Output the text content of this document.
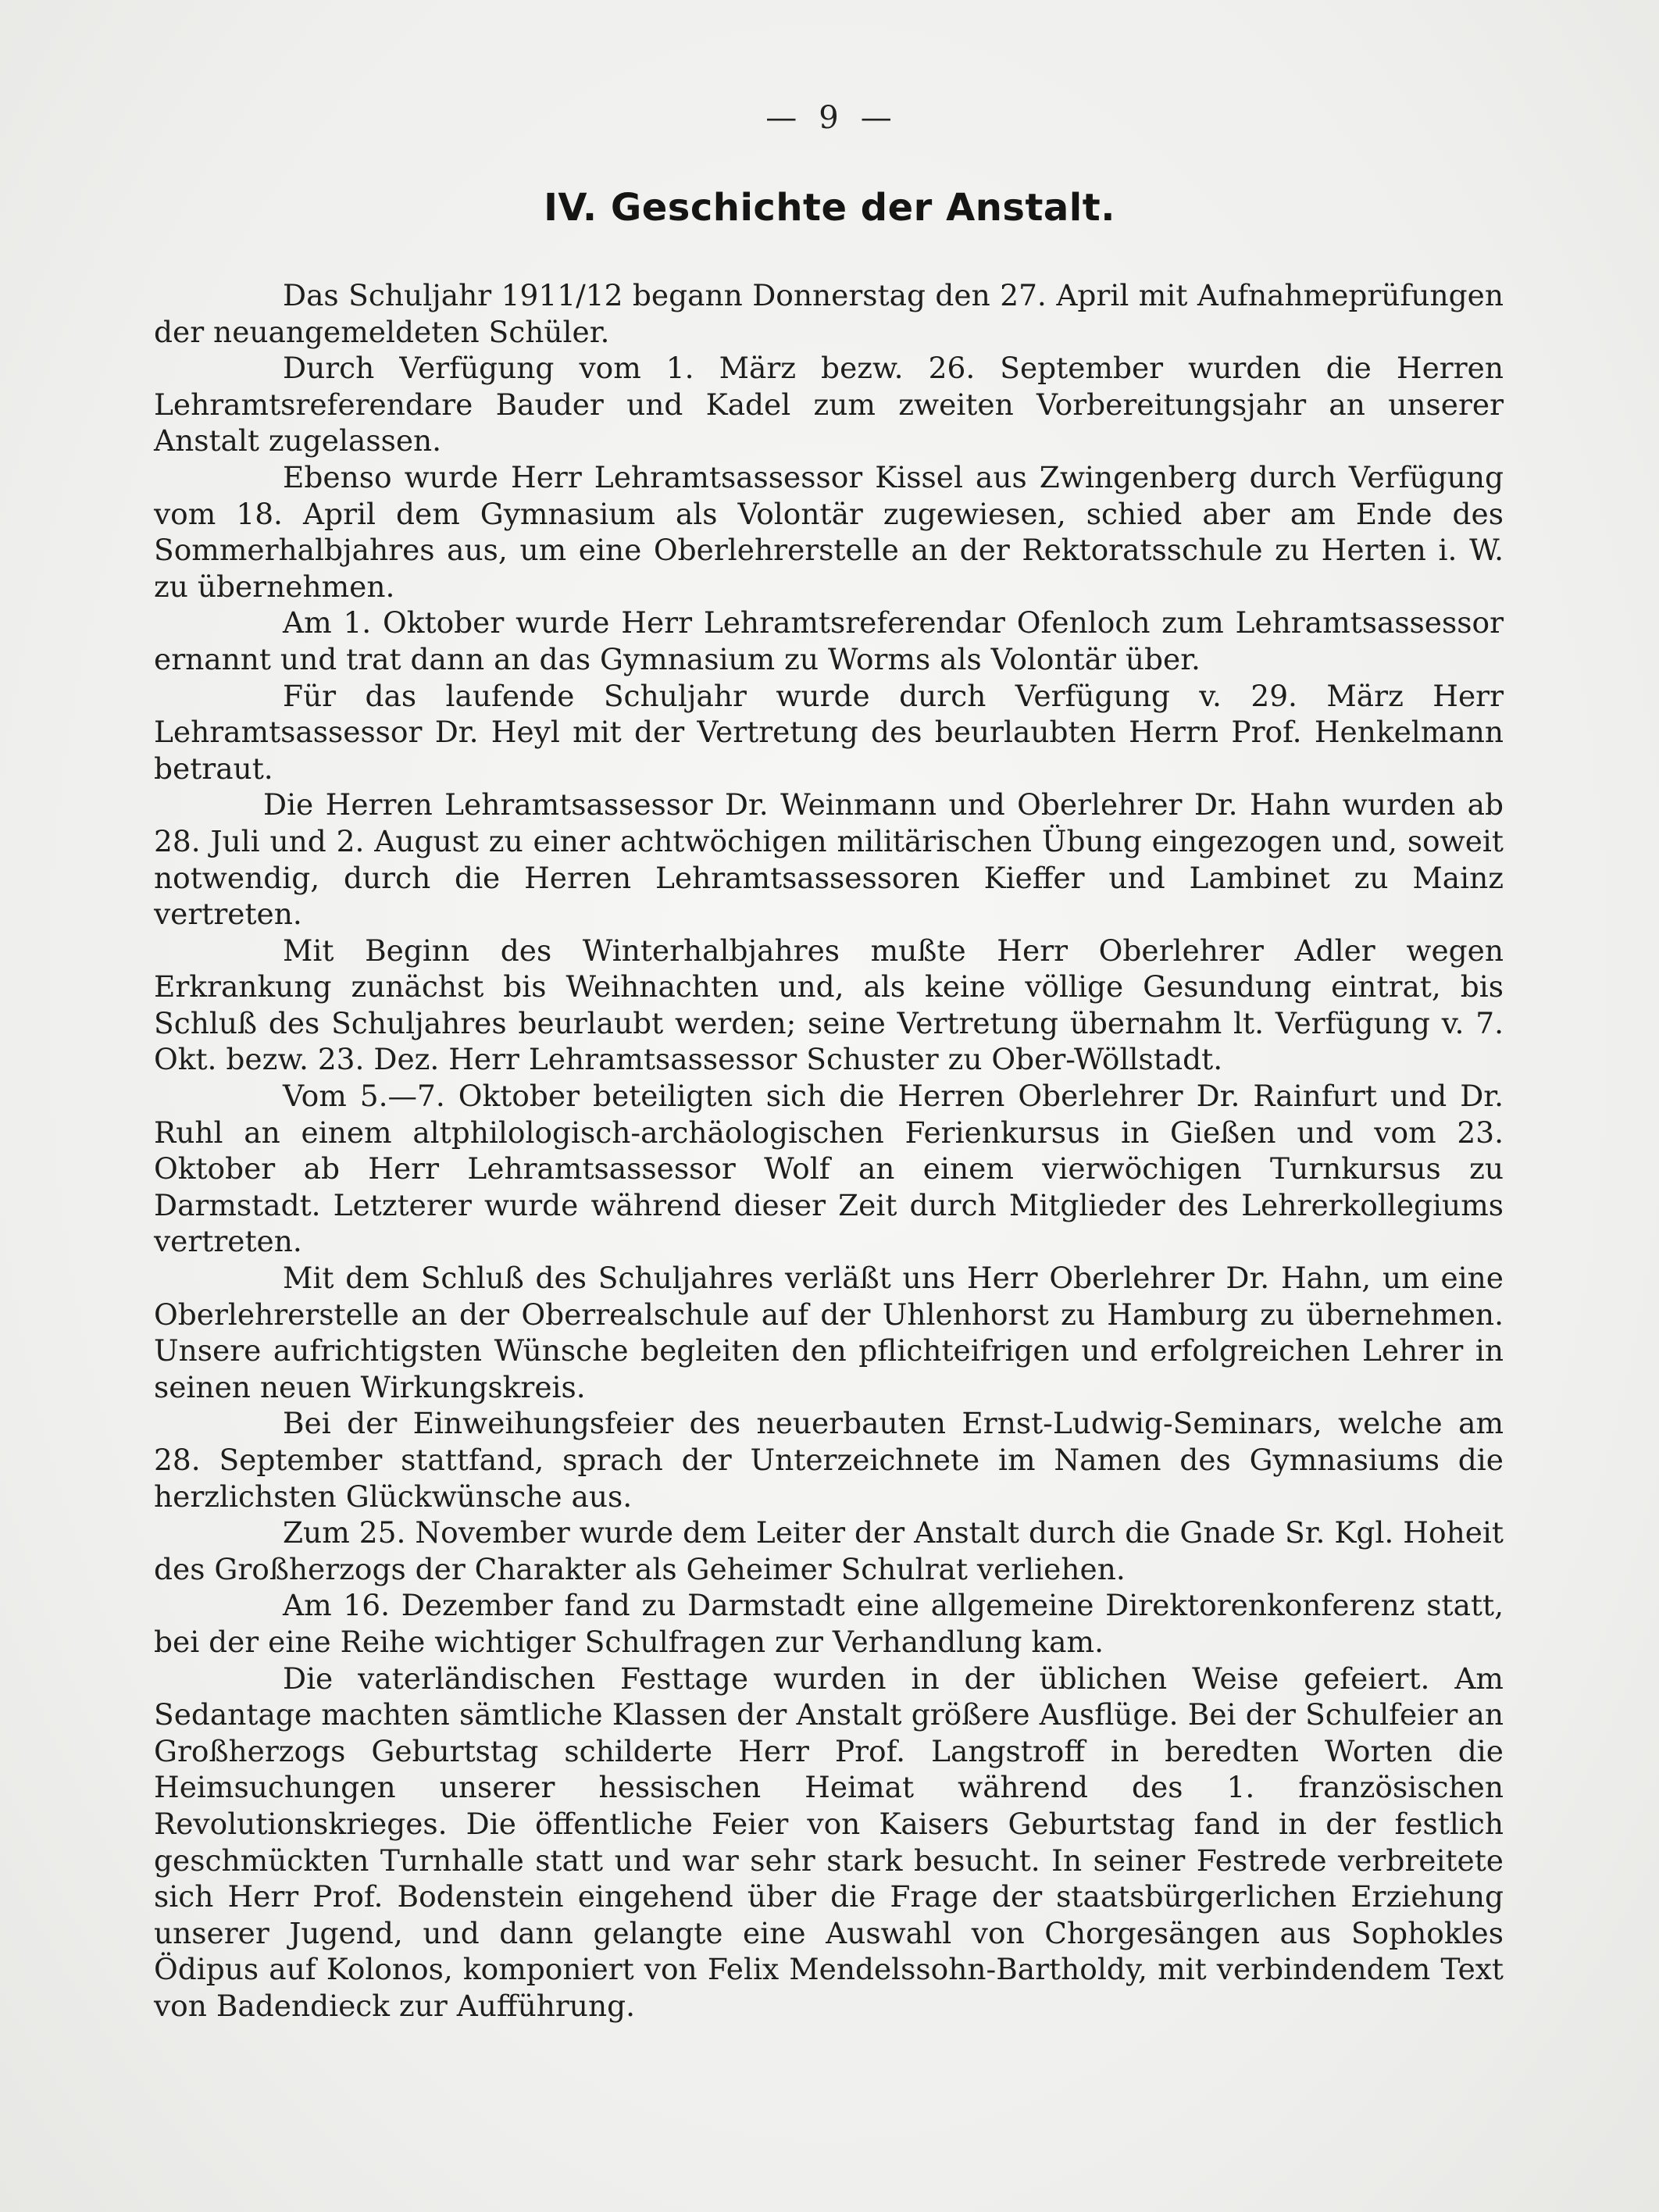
— 9 —
IV. Geschichte der Anstalt.

Das Schuljahr 1911/12 begann Donnerstag den 27. April mit Aufnahmeprüfungen der neuangemeldeten Schüler.

Durch Verfügung vom 1. März bezw. 26. September wurden die Herren Lehramtsreferendare Bauder und Kadel zum zweiten Vorbereitungsjahr an unserer Anstalt zugelassen.

Ebenso wurde Herr Lehramtsassessor Kissel aus Zwingenberg durch Verfügung vom 18. April dem Gymnasium als Volontär zugewiesen, schied aber am Ende des Sommerhalbjahres aus, um eine Oberlehrerstelle an der Rektoratsschule zu Herten i. W. zu übernehmen.

Am 1. Oktober wurde Herr Lehramtsreferendar Ofenloch zum Lehramtsassessor ernannt und trat dann an das Gymnasium zu Worms als Volontär über.

Für das laufende Schuljahr wurde durch Verfügung v. 29. März Herr Lehramtsassessor Dr. Heyl mit der Vertretung des beurlaubten Herrn Prof. Henkelmann betraut.

Die Herren Lehramtsassessor Dr. Weinmann und Oberlehrer Dr. Hahn wurden ab 28. Juli und 2. August zu einer achtwöchigen militärischen Übung eingezogen und, soweit notwendig, durch die Herren Lehramtsassessoren Kieffer und Lambinet zu Mainz vertreten.

Mit Beginn des Winterhalbjahres mußte Herr Oberlehrer Adler wegen Erkrankung zunächst bis Weihnachten und, als keine völlige Gesundung eintrat, bis Schluß des Schuljahres beurlaubt werden; seine Vertretung übernahm lt. Verfügung v. 7. Okt. bezw. 23. Dez. Herr Lehramtsassessor Schuster zu Ober-Wöllstadt.

Vom 5.—7. Oktober beteiligten sich die Herren Oberlehrer Dr. Rainfurt und Dr. Ruhl an einem altphilologisch-archäologischen Ferienkursus in Gießen und vom 23. Oktober ab Herr Lehramtsassessor Wolf an einem vierwöchigen Turnkursus zu Darmstadt. Letzterer wurde während dieser Zeit durch Mitglieder des Lehrerkollegiums vertreten.

Mit dem Schluß des Schuljahres verläßt uns Herr Oberlehrer Dr. Hahn, um eine Oberlehrerstelle an der Oberrealschule auf der Uhlenhorst zu Hamburg zu übernehmen. Unsere aufrichtigsten Wünsche begleiten den pflichteifrigen und erfolgreichen Lehrer in seinen neuen Wirkungskreis.

Bei der Einweihungsfeier des neuerbauten Ernst-Ludwig-Seminars, welche am 28. September stattfand, sprach der Unterzeichnete im Namen des Gymnasiums die herzlichsten Glückwünsche aus.

Zum 25. November wurde dem Leiter der Anstalt durch die Gnade Sr. Kgl. Hoheit des Großherzogs der Charakter als Geheimer Schulrat verliehen.

Am 16. Dezember fand zu Darmstadt eine allgemeine Direktorenkonferenz statt, bei der eine Reihe wichtiger Schulfragen zur Verhandlung kam.

Die vaterländischen Festtage wurden in der üblichen Weise gefeiert. Am Sedantage machten sämtliche Klassen der Anstalt größere Ausflüge. Bei der Schulfeier an Großherzogs Geburtstag schilderte Herr Prof. Langstroff in beredten Worten die Heimsuchungen unserer hessischen Heimat während des 1. französischen Revolutionskrieges. Die öffentliche Feier von Kaisers Geburtstag fand in der festlich geschmückten Turnhalle statt und war sehr stark besucht. In seiner Festrede verbreitete sich Herr Prof. Bodenstein eingehend über die Frage der staatsbürgerlichen Erziehung unserer Jugend, und dann gelangte eine Auswahl von Chorgesängen aus Sophokles Ödipus auf Kolonos, komponiert von Felix Mendelssohn-Bartholdy, mit verbindendem Text von Badendieck zur Aufführung.
